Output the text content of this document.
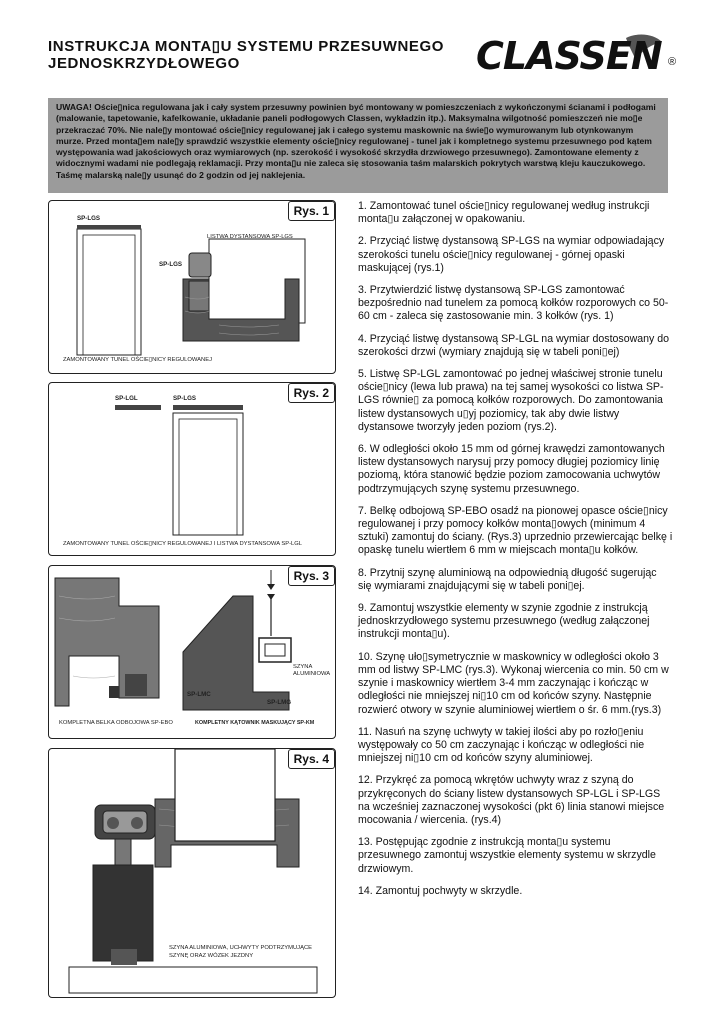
INSTRUKCJA MONTA▯U SYSTEMU PRZESUWNEGO
JEDNOSKRZYDŁOWEGO	CLASSEN ®
UWAGA! Oście▯nica regulowana jak i cały system przesuwny powinien być montowany w pomieszczeniach z wykończonymi ścianami i podłogami (malowanie, tapetowanie, kafelkowanie, układanie paneli podłogowych Classen, wykładzin itp.). Maksymalna wilgotność pomieszczeń nie mo▯e przekraczać 70%. Nie nale▯y montować oście▯nicy regulowanej jak i całego systemu maskownic na świe▯o wymurowanym lub otynkowanym murze. Przed monta▯em nale▯y sprawdzić wszystkie elementy oście▯nicy regulowanej - tunel jak i kompletnego systemu przesuwnego pod kątem występowania wad jakościowych oraz wymiarowych (np. szerokość i wysokość skrzydła drzwiowego przesuwnego). Zamontowane elementy z widocznymi wadami nie podlegają reklamacji. Przy monta▯u nie zaleca się stosowania taśm malarskich pokrytych warstwą kleju kauczukowego. Taśmę malarską nale▯y usunąć do 2 godzin od jej naklejenia.
Rys. 1
SP-LGS
LISTWA DYSTANSOWA SP-LGS
SP-LGS
ZAMONTOWANY TUNEL OŚCIE▯NICY REGULOWANEJ
Rys. 2
SP-LGL	SP-LGS
ZAMONTOWANY TUNEL OŚCIE▯NICY REGULOWANEJ I LISTWA DYSTANSOWA SP-LGL
Rys. 3
SZYNA ALUMINIOWA
SP-LMC
SP-LMG
KOMPLETNA BELKA ODBOJOWA SP-EBO	KOMPLETNY KĄTOWNIK MASKUJĄCY SP-KM
Rys. 4
SZYNA ALUMINIOWA, UCHWYTY PODTRZYMUJĄCE
SZYNĘ ORAZ WÓZEK JEZDNY

1. Zamontować tunel oście▯nicy regulowanej według instrukcji monta▯u załączonej w opakowaniu.

2. Przyciąć listwę dystansową SP-LGS na wymiar odpowiadający szerokości tunelu oście▯nicy regulowanej - górnej opaski maskującej (rys.1)

3. Przytwierdzić listwę dystansową SP-LGS zamontować bezpośrednio nad tunelem za pomocą kołków rozporowych co 50-60 cm - zaleca się zastosowanie min. 3 kołków (rys. 1)

4. Przyciąć listwę dystansową SP-LGL na wymiar dostosowany do szerokości drzwi (wymiary znajdują się w tabeli poni▯ej)

5. Listwę SP-LGL zamontować po jednej właściwej stronie tunelu oście▯nicy (lewa lub prawa) na tej samej wysokości co listwa SP-LGS równie▯ za pomocą kołków rozporowych. Do zamontowania listew dystansowych u▯yj poziomicy, tak aby dwie listwy dystansowe tworzyły jeden poziom (rys.2).

6. W odległości około 15 mm od górnej krawędzi zamontowanych listew dystansowych narysuj przy pomocy długiej poziomicy linię poziomą, która stanowić będzie poziom zamocowania uchwytów podtrzymujących szynę systemu przesuwnego.

7. Belkę odbojową SP-EBO osadź na pionowej opasce oście▯nicy regulowanej i przy pomocy kołków monta▯owych (minimum 4 sztuki) zamontuj do ściany. (Rys.3) uprzednio przewiercając belkę i opaskę tunelu wiertłem 6 mm w miejscach monta▯u kołków.

8. Przytnij szynę aluminiową na odpowiednią długość sugerując się wymiarami znajdującymi się w tabeli poni▯ej.

9. Zamontuj wszystkie elementy w szynie zgodnie z instrukcją jednoskrzydłowego systemu przesuwnego (według załączonej instrukcji monta▯u).

10. Szynę uło▯symetrycznie w maskownicy w odległości około 3 mm od listwy SP-LMC (rys.3). Wykonaj wiercenia co min. 50 cm w szynie i maskownicy wiertłem 3-4 mm zaczynając i kończąc w odległości nie mniejszej ni▯10 cm od końców szyny. Następnie rozwierć otwory w szynie aluminiowej wiertłem o śr. 6 mm.(rys.3)

11. Nasuń na szynę uchwyty w takiej ilości aby po rozło▯eniu występowały co 50 cm zaczynając i kończąc w odległości nie mniejszej ni▯10 cm od końców szyny aluminiowej.

12. Przykręć za pomocą wkrętów uchwyty wraz z szyną do przykręconych do ściany listew dystansowych SP-LGL i SP-LGS na wcześniej zaznaczonej wysokości (pkt 6) linia stanowi miejsce mocowania / wiercenia. (rys.4)

13. Postępując zgodnie z instrukcją monta▯u systemu przesuwnego zamontuj wszystkie elementy systemu w skrzydle drzwiowym.

14. Zamontuj pochwyty w skrzydle.
